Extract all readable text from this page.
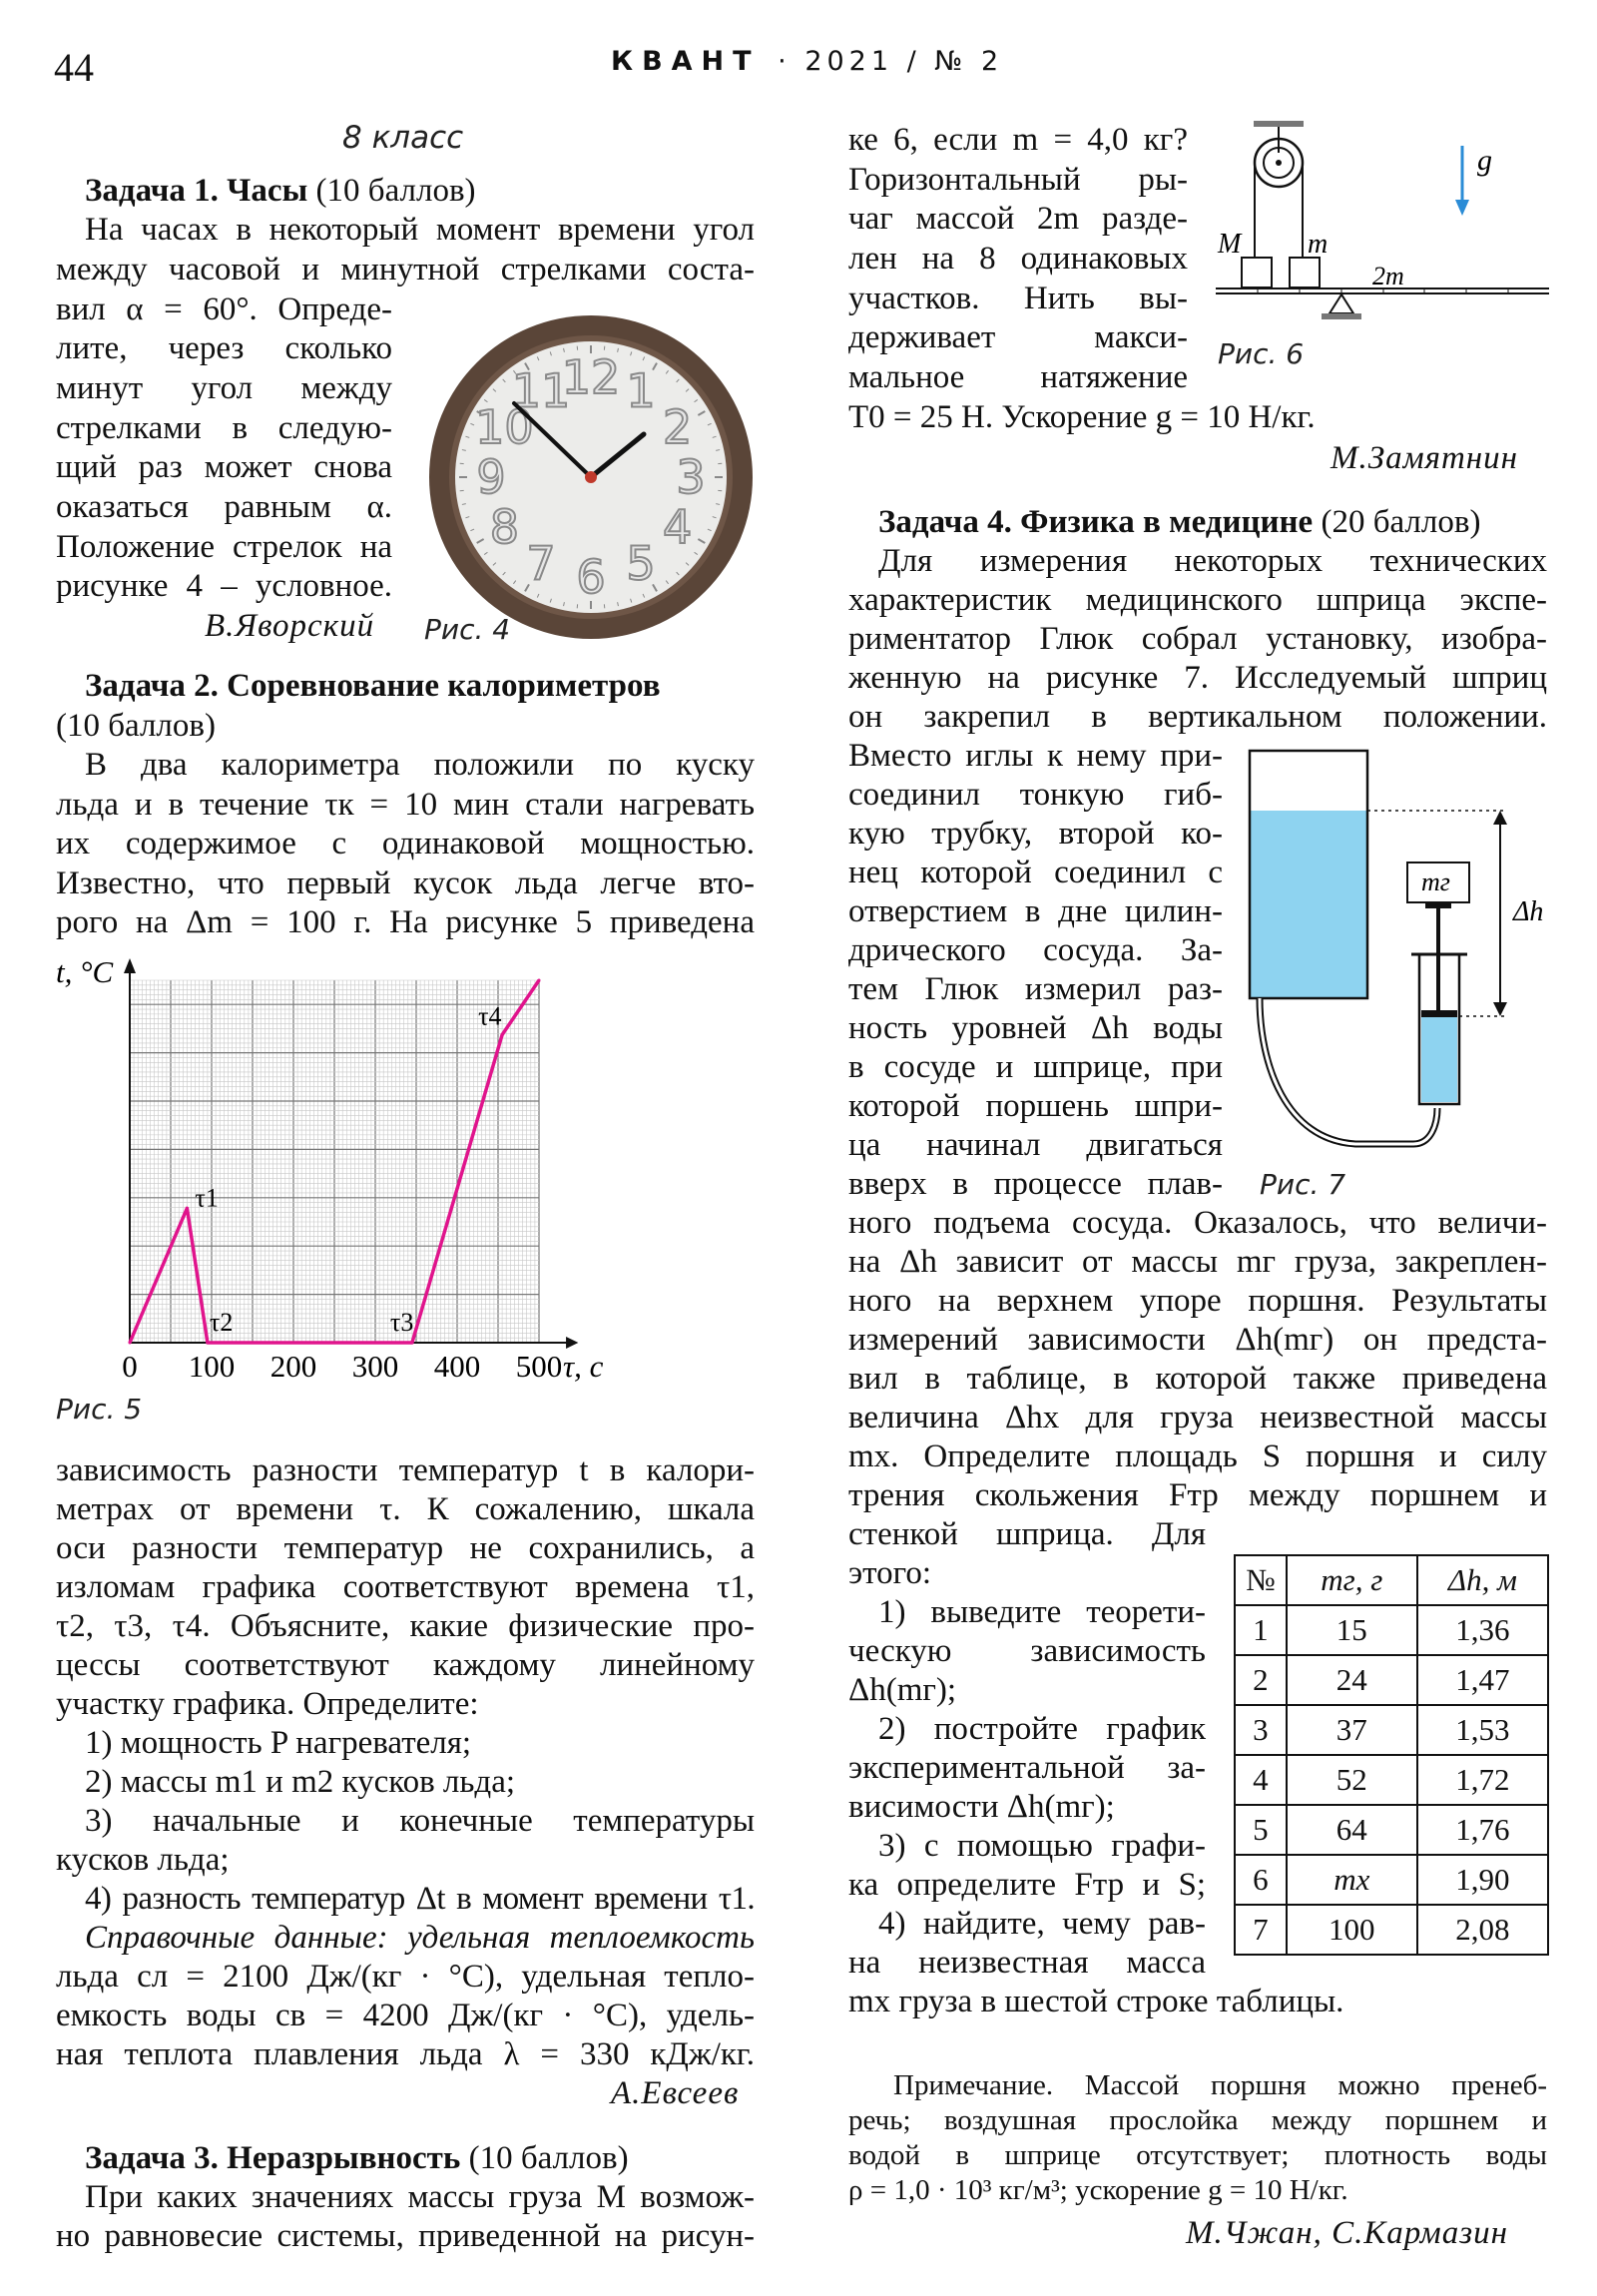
44	КВАНТ · 2021 / № 2
8 класс
Задача 1. Часы (10 баллов)
На часах в некоторый момент времени угол
между часовой и минутной стрелками соста-
вил α = 60°. Опреде-
лите, через сколько
минут угол между
стрелками в следую-
щий раз может снова
оказаться равным α.
Положение стрелок на
рисунке 4 – условное.
В.Яворский Рис. 4
12 1
2
3
4
5
6
7
8
9
10
11
Задача 2. Соревнование калориметров
(10 баллов)
В два калориметра положили по куску
льда и в течение τк = 10 мин стали нагревать
их содержимое с одинаковой мощностью.
Известно, что первый кусок льда легче вто-
рого на Δm = 100 г. На рисунке 5 приведена
0 100 200 300 400 500 τ, с
t, °C
τ1
τ2	τ3
τ4
Рис. 5
зависимость разности температур t в калори-
метрах от времени τ. К сожалению, шкала
оси разности температур не сохранились, а
изломам графика соответствуют времена τ1,
τ2, τ3, τ4. Объясните, какие физические про-
цессы соответствуют каждому линейному
участку графика. Определите:
1) мощность P нагревателя;
2) массы m1 и m2 кусков льда;
3) начальные и конечные температуры
кусков льда;
4) разность температур Δt в момент времени τ1.
Справочные данные: удельная теплоемкость
льда cл = 2100 Дж/(кг · °С), удельная тепло-
емкость воды cв = 4200 Дж/(кг · °С), удель-
ная теплота плавления льда λ = 330 кДж/кг.
А.Евсеев
Задача 3. Неразрывность (10 баллов)
При каких значениях массы груза M возмож-
но равновесие системы, приведенной на рисун-
ке 6, если m = 4,0 кг?
Горизонтальный ры-
чаг массой 2m разде-
лен на 8 одинаковых
участков. Нить вы-
держивает макси-
мальное натяжение
T0 = 25 Н. Ускорение g = 10 Н/кг.
М.Замятнин
M m
2m
g
Рис. 6
Задача 4. Физика в медицине (20 баллов)
Для измерения некоторых технических
характеристик медицинского шприца экспе-
риментатор Глюк собрал установку, изобра-
женную на рисунке 7. Исследуемый шприц
он закрепил в вертикальном положении.
Вместо иглы к нему при-
соединил тонкую гиб-
кую трубку, второй ко-
нец которой соединил с
отверстием в дне цилин-
дрического сосуда. За-
тем Глюк измерил раз-
ность уровней Δh воды
в сосуде и шприце, при
которой поршень шпри-
ца начинал двигаться
вверх в процессе плав-
Δh
mг
Рис. 7
ного подъема сосуда. Оказалось, что величи-
на Δh зависит от массы mг груза, закреплен-
ного на верхнем упоре поршня. Результаты
измерений зависимости Δh(mг) он предста-
вил в таблице, в которой также приведена
величина Δhx для груза неизвестной массы
mx. Определите площадь S поршня и силу
трения скольжения Fтр между поршнем и
стенкой шприца. Для
этого:
1) выведите теорети-
ческую зависимость
Δh(mг);
2) постройте график
экспериментальной за-
висимости Δh(mг);
3) с помощью графи-
ка определите Fтр и S;
4) найдите, чему рав-
на неизвестная масса
mx груза в шестой строке таблицы.
№	mг, г	Δh, м
1	15	1,36
2	24	1,47
3	37	1,53
4	52	1,72
5	64	1,76
6	mx	1,90
7	100	2,08
Примечание. Массой поршня можно пренеб-
речь; воздушная прослойка между поршнем и
водой в шприце отсутствует; плотность воды
ρ = 1,0 · 10³ кг/м³; ускорение g = 10 Н/кг.
М.Чжан, С.Кармазин
